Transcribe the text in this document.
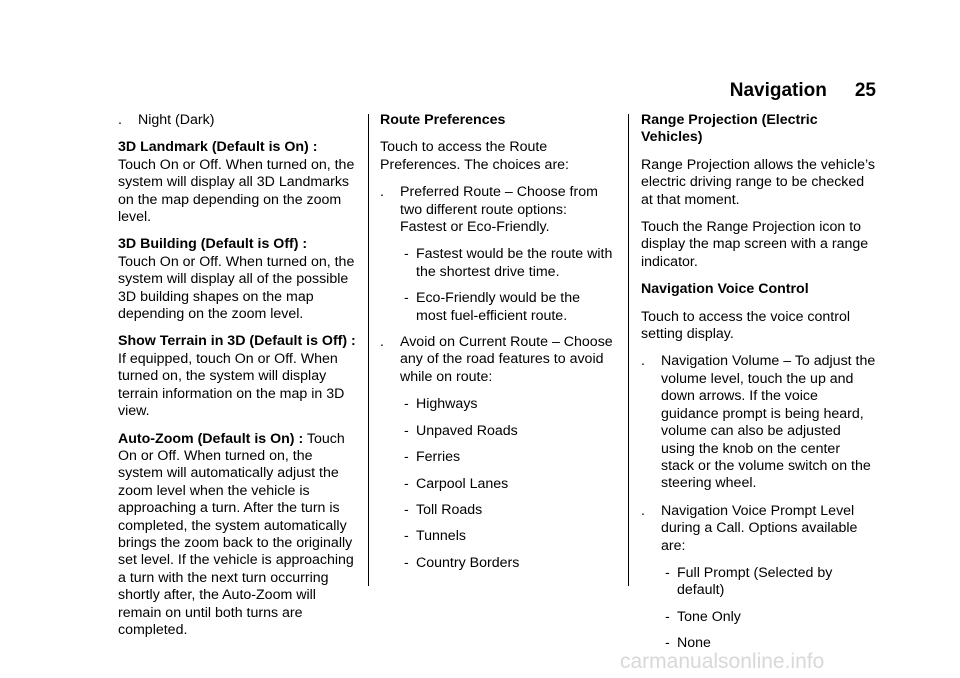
Navigation 25
. Night (Dark)

3D Landmark (Default is On) :
Touch On or Off. When turned on, the system will display all 3D Landmarks on the map depending on the zoom level.

3D Building (Default is Off) :
Touch On or Off. When turned on, the system will display all of the possible 3D building shapes on the map depending on the zoom level.

Show Terrain in 3D (Default is Off) : If equipped, touch On or Off. When turned on, the system will display terrain information on the map in 3D view.

Auto-Zoom (Default is On) : Touch On or Off. When turned on, the system will automatically adjust the zoom level when the vehicle is approaching a turn. After the turn is completed, the system automatically brings the zoom back to the originally set level. If the vehicle is approaching a turn with the next turn occurring shortly after, the Auto-Zoom will remain on until both turns are completed.

Route Preferences

Touch to access the Route Preferences. The choices are:

. Preferred Route – Choose from two different route options: Fastest or Eco-Friendly.
- Fastest would be the route with the shortest drive time.
- Eco-Friendly would be the most fuel-efficient route.
. Avoid on Current Route – Choose any of the road features to avoid while on route:
- Highways
- Unpaved Roads
- Ferries
- Carpool Lanes
- Toll Roads
- Tunnels
- Country Borders

Range Projection (Electric Vehicles)

Range Projection allows the vehicle’s electric driving range to be checked at that moment.

Touch the Range Projection icon to display the map screen with a range indicator.

Navigation Voice Control

Touch to access the voice control setting display.

. Navigation Volume – To adjust the volume level, touch the up and down arrows. If the voice guidance prompt is being heard, volume can also be adjusted using the knob on the center stack or the volume switch on the steering wheel.
. Navigation Voice Prompt Level during a Call. Options available are:
- Full Prompt (Selected by default)
- Tone Only
- None
carmanualsonline.info
